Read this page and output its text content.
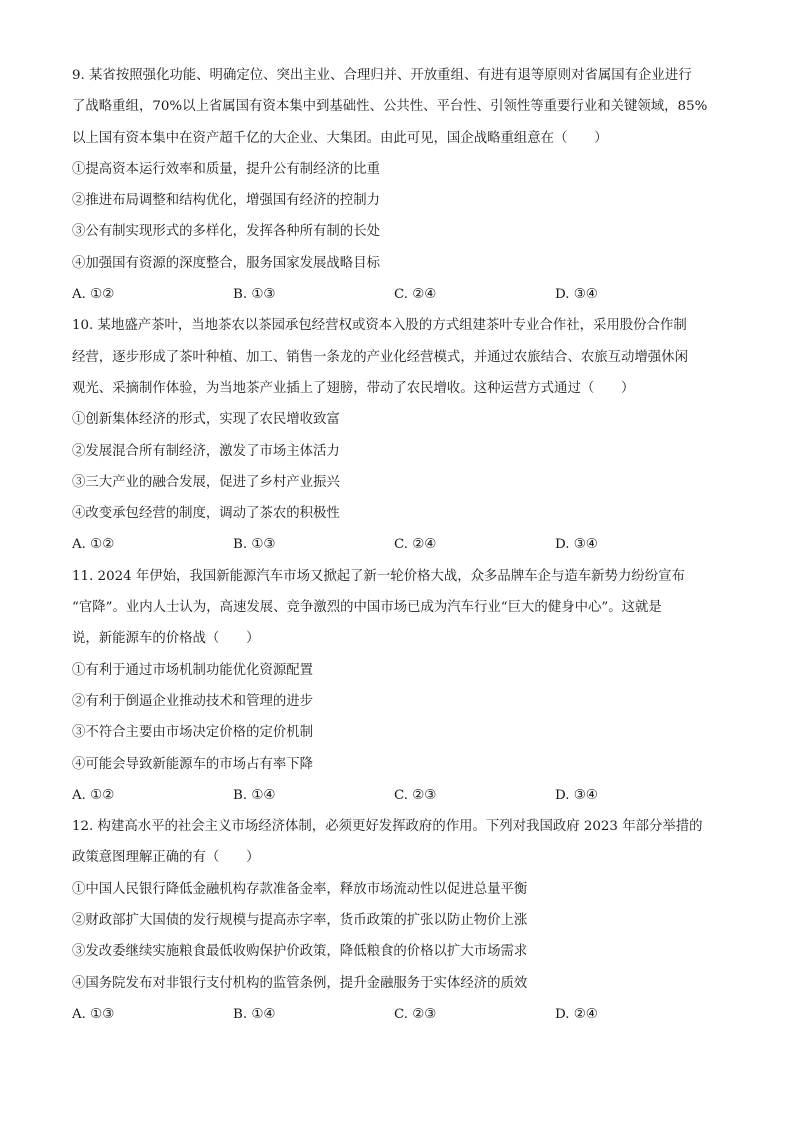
9. 某省按照强化功能、明确定位、突出主业、合理归并、开放重组、有进有退等原则对省属国有企业进行
了战略重组，70%以上省属国有资本集中到基础性、公共性、平台性、引领性等重要行业和关键领域，85%
以上国有资本集中在资产超千亿的大企业、大集团。由此可见，国企战略重组意在（　　）
①提高资本运行效率和质量，提升公有制经济的比重
②推进布局调整和结构优化，增强国有经济的控制力
③公有制实现形式的多样化，发挥各种所有制的长处
④加强国有资源的深度整合，服务国家发展战略目标
A. ①②	B. ①③	C. ②④	D. ③④
10. 某地盛产茶叶，当地茶农以茶园承包经营权或资本入股的方式组建茶叶专业合作社，采用股份合作制
经营，逐步形成了茶叶种植、加工、销售一条龙的产业化经营模式，并通过农旅结合、农旅互动增强休闲
观光、采摘制作体验，为当地茶产业插上了翅膀，带动了农民增收。这种运营方式通过（　　）
①创新集体经济的形式，实现了农民增收致富
②发展混合所有制经济，激发了市场主体活力
③三大产业的融合发展，促进了乡村产业振兴
④改变承包经营的制度，调动了茶农的积极性
A. ①②	B. ①③	C. ②④	D. ③④
11. 2024 年伊始，我国新能源汽车市场又掀起了新一轮价格大战，众多品牌车企与造车新势力纷纷宣布
“官降”。业内人士认为，高速发展、竞争激烈的中国市场已成为汽车行业“巨大的健身中心”。这就是
说，新能源车的价格战（　　）
①有利于通过市场机制功能优化资源配置
②有利于倒逼企业推动技术和管理的进步
③不符合主要由市场决定价格的定价机制
④可能会导致新能源车的市场占有率下降
A. ①②	B. ①④	C. ②③	D. ③④
12. 构建高水平的社会主义市场经济体制，必须更好发挥政府的作用。下列对我国政府 2023 年部分举措的
政策意图理解正确的有（　　）
①中国人民银行降低金融机构存款准备金率，释放市场流动性以促进总量平衡
②财政部扩大国债的发行规模与提高赤字率，货币政策的扩张以防止物价上涨
③发改委继续实施粮食最低收购保护价政策，降低粮食的价格以扩大市场需求
④国务院发布对非银行支付机构的监管条例，提升金融服务于实体经济的质效
A. ①③	B. ①④	C. ②③	D. ②④
